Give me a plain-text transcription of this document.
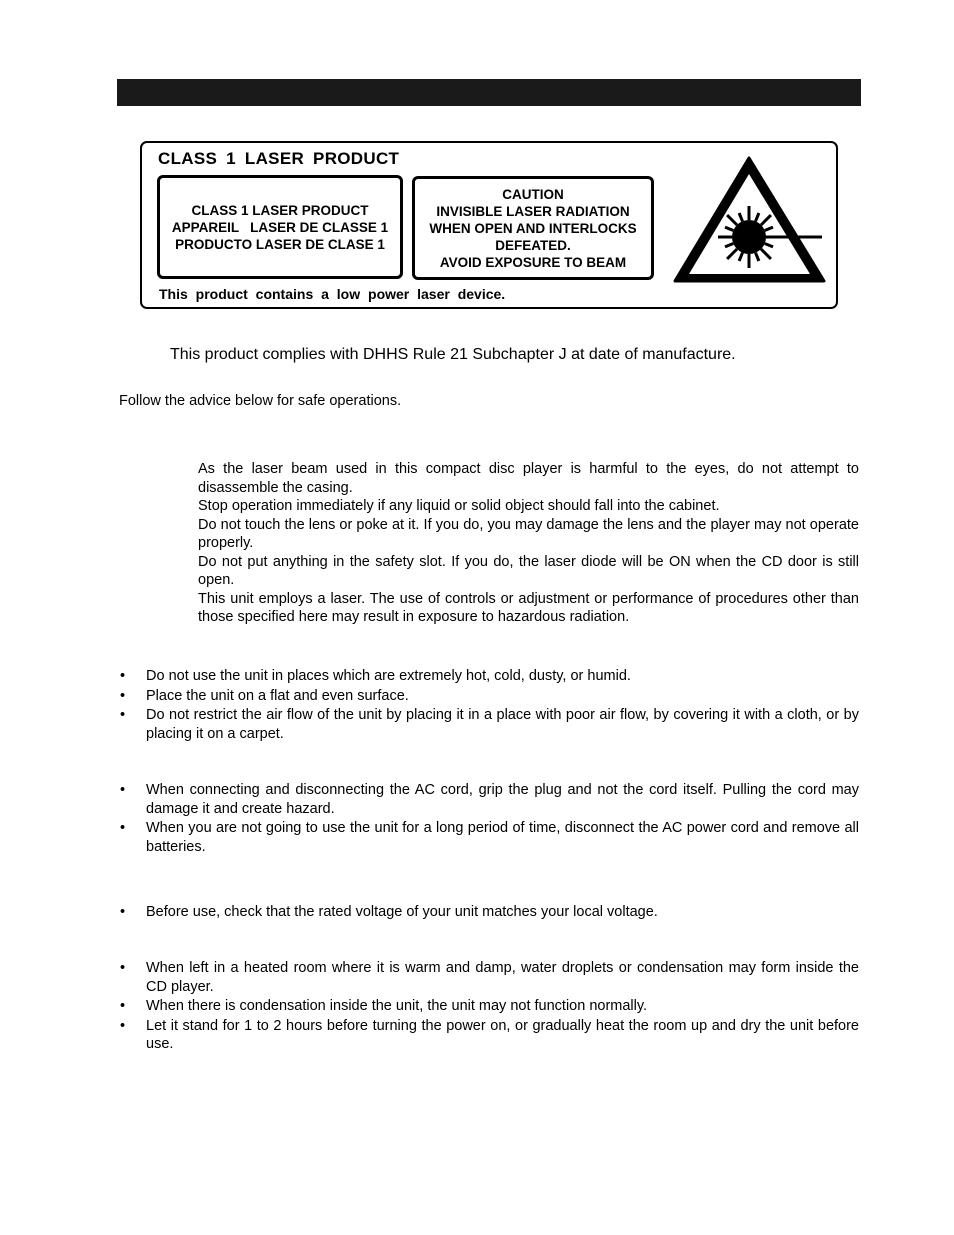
CLASS 1 LASER PRODUCT
CLASS 1 LASER PRODUCT
APPAREIL   LASER DE CLASSE 1
PRODUCTO LASER DE CLASE 1
CAUTION
INVISIBLE LASER RADIATION
WHEN OPEN AND INTERLOCKS
DEFEATED.
AVOID EXPOSURE TO BEAM
This product contains a low power laser device.
This product complies with DHHS Rule 21 Subchapter J at date of manufacture.
Follow the advice below for safe operations.

As the laser beam used in this compact disc player is harmful to the eyes, do not attempt to disassemble the casing.

Stop operation immediately if any liquid or solid object should fall into the cabinet.

Do not touch the lens or poke at it. If you do, you may damage the lens and the player may not operate properly.

Do not put anything in the safety slot. If you do, the laser diode will be ON when the CD door is still open.

This unit employs a laser. The use of controls or adjustment or performance of procedures other than those specified here may result in exposure to hazardous radiation.

• Do not use the unit in places which are extremely hot, cold, dusty, or humid.
• Place the unit on a flat and even surface.
• Do not restrict the air flow of the unit by placing it in a place with poor air flow, by covering it with a cloth, or by placing it on a carpet.
• When connecting and disconnecting the AC cord, grip the plug and not the cord itself. Pulling the cord may damage it and create hazard.
• When you are not going to use the unit for a long period of time, disconnect the AC power cord and remove all batteries.
• Before use, check that the rated voltage of your unit matches your local voltage.
• When left in a heated room where it is warm and damp, water droplets or condensation may form inside the CD player.
• When there is condensation inside the unit, the unit may not function normally.
• Let it stand for 1 to 2 hours before turning the power on, or gradually heat the room up and dry the unit before use.
